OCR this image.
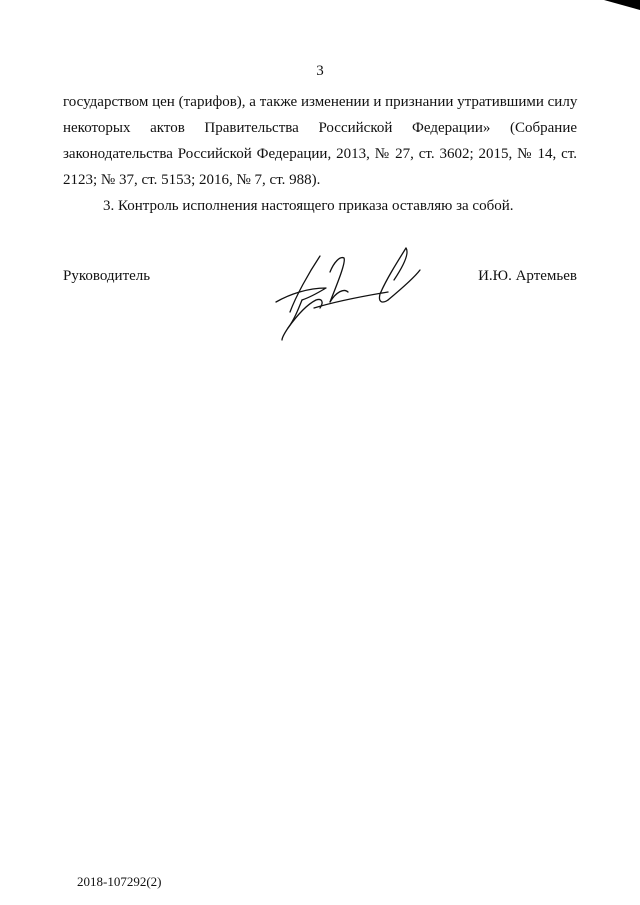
3

государством цен (тарифов), а также изменении и признании утратившими силу
некоторых актов Правительства Российской Федерации» (Собрание
законодательства Российской Федерации, 2013, № 27, ст. 3602; 2015, № 14, ст.
2123; № 37, ст. 5153; 2016, № 7, ст. 988).

3. Контроль исполнения настоящего приказа оставляю за собой.

Руководитель	И.Ю. Артемьев
2018-107292(2)
